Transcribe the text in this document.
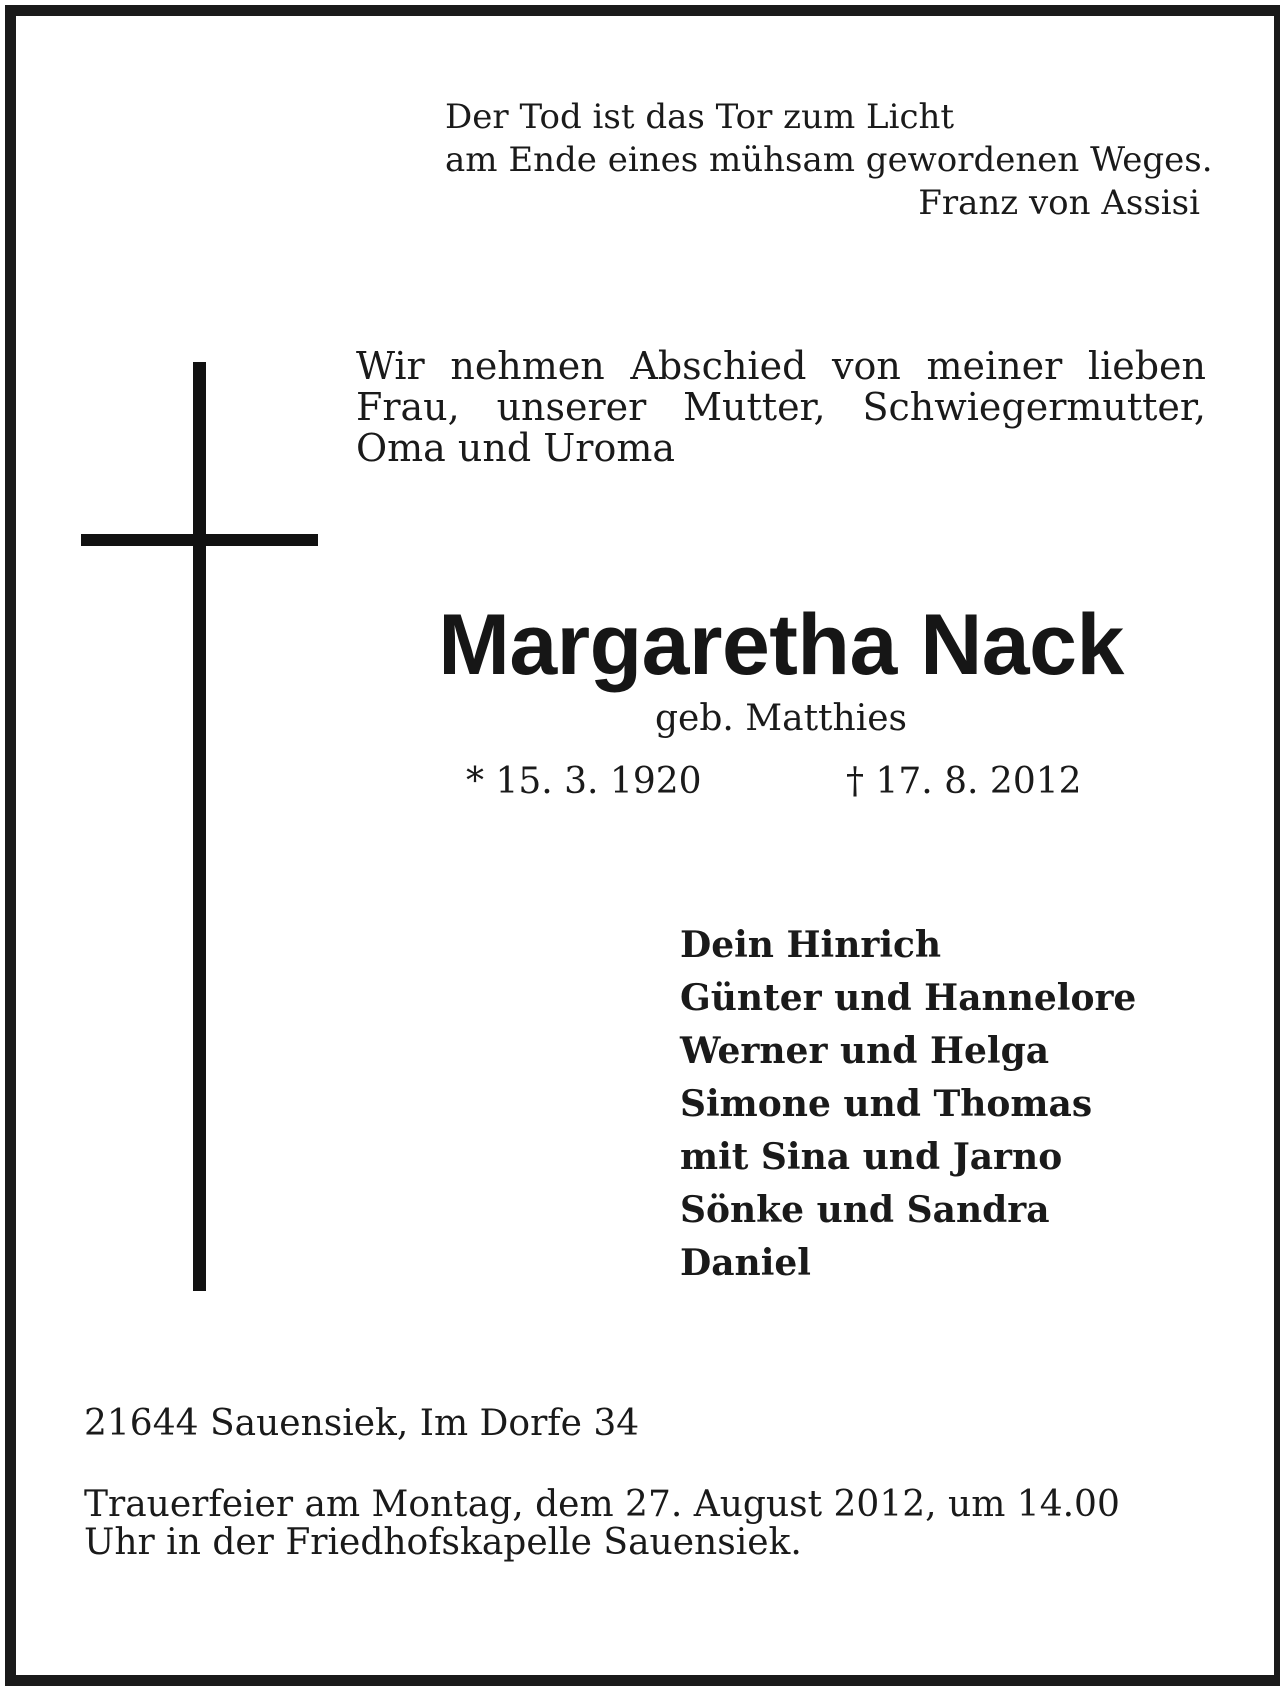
Der Tod ist das Tor zum Licht
am Ende eines mühsam gewordenen Weges.
Franz von Assisi
Wir nehmen Abschied von meiner lieben Frau, unserer Mutter, Schwiegermutter, Oma und Uroma
Margaretha Nack
geb. Matthies
* 15. 3. 1920	† 17. 8. 2012
Dein Hinrich
Günter und Hannelore
Werner und Helga
Simone und Thomas
mit Sina und Jarno
Sönke und Sandra
Daniel
21644 Sauensiek, Im Dorfe 34
Trauerfeier am Montag, dem 27. August 2012, um 14.00
Uhr in der Friedhofskapelle Sauensiek.
